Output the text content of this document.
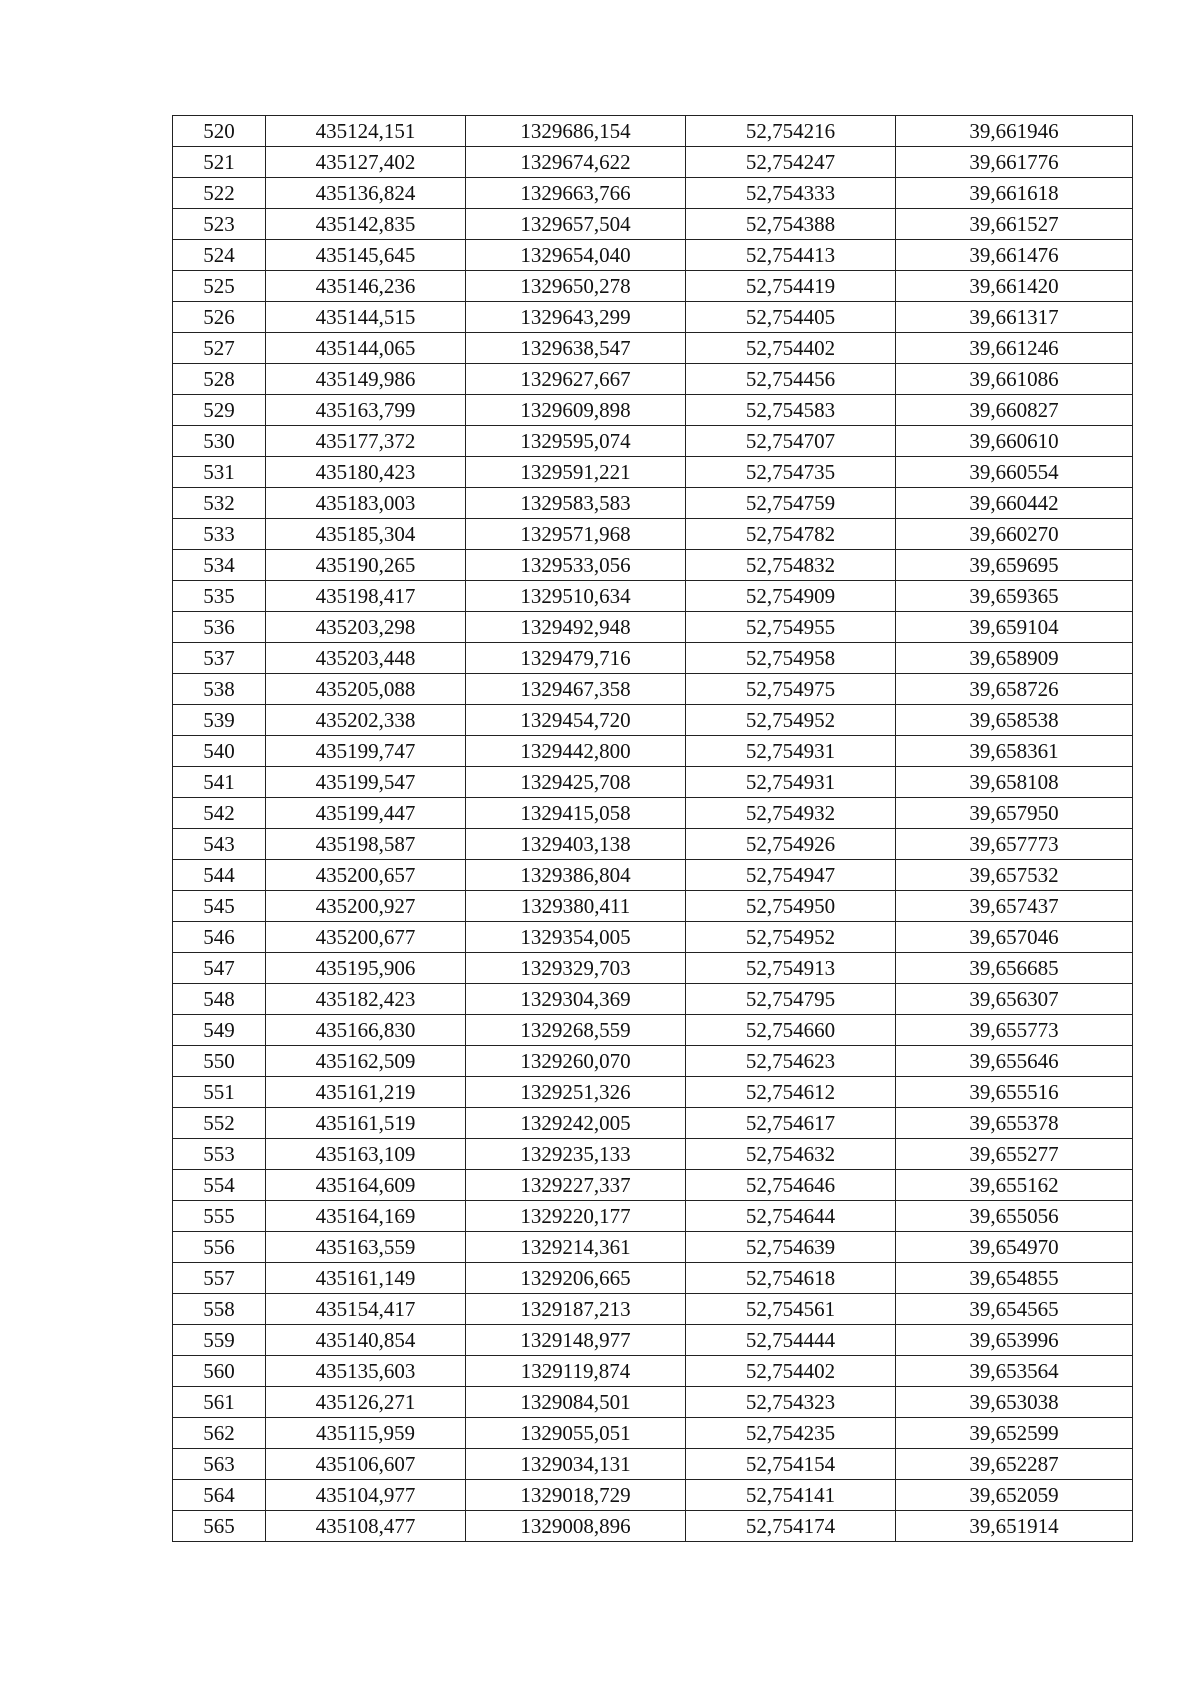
520	435124,151	1329686,154	52,754216	39,661946
521	435127,402	1329674,622	52,754247	39,661776
522	435136,824	1329663,766	52,754333	39,661618
523	435142,835	1329657,504	52,754388	39,661527
524	435145,645	1329654,040	52,754413	39,661476
525	435146,236	1329650,278	52,754419	39,661420
526	435144,515	1329643,299	52,754405	39,661317
527	435144,065	1329638,547	52,754402	39,661246
528	435149,986	1329627,667	52,754456	39,661086
529	435163,799	1329609,898	52,754583	39,660827
530	435177,372	1329595,074	52,754707	39,660610
531	435180,423	1329591,221	52,754735	39,660554
532	435183,003	1329583,583	52,754759	39,660442
533	435185,304	1329571,968	52,754782	39,660270
534	435190,265	1329533,056	52,754832	39,659695
535	435198,417	1329510,634	52,754909	39,659365
536	435203,298	1329492,948	52,754955	39,659104
537	435203,448	1329479,716	52,754958	39,658909
538	435205,088	1329467,358	52,754975	39,658726
539	435202,338	1329454,720	52,754952	39,658538
540	435199,747	1329442,800	52,754931	39,658361
541	435199,547	1329425,708	52,754931	39,658108
542	435199,447	1329415,058	52,754932	39,657950
543	435198,587	1329403,138	52,754926	39,657773
544	435200,657	1329386,804	52,754947	39,657532
545	435200,927	1329380,411	52,754950	39,657437
546	435200,677	1329354,005	52,754952	39,657046
547	435195,906	1329329,703	52,754913	39,656685
548	435182,423	1329304,369	52,754795	39,656307
549	435166,830	1329268,559	52,754660	39,655773
550	435162,509	1329260,070	52,754623	39,655646
551	435161,219	1329251,326	52,754612	39,655516
552	435161,519	1329242,005	52,754617	39,655378
553	435163,109	1329235,133	52,754632	39,655277
554	435164,609	1329227,337	52,754646	39,655162
555	435164,169	1329220,177	52,754644	39,655056
556	435163,559	1329214,361	52,754639	39,654970
557	435161,149	1329206,665	52,754618	39,654855
558	435154,417	1329187,213	52,754561	39,654565
559	435140,854	1329148,977	52,754444	39,653996
560	435135,603	1329119,874	52,754402	39,653564
561	435126,271	1329084,501	52,754323	39,653038
562	435115,959	1329055,051	52,754235	39,652599
563	435106,607	1329034,131	52,754154	39,652287
564	435104,977	1329018,729	52,754141	39,652059
565	435108,477	1329008,896	52,754174	39,651914
